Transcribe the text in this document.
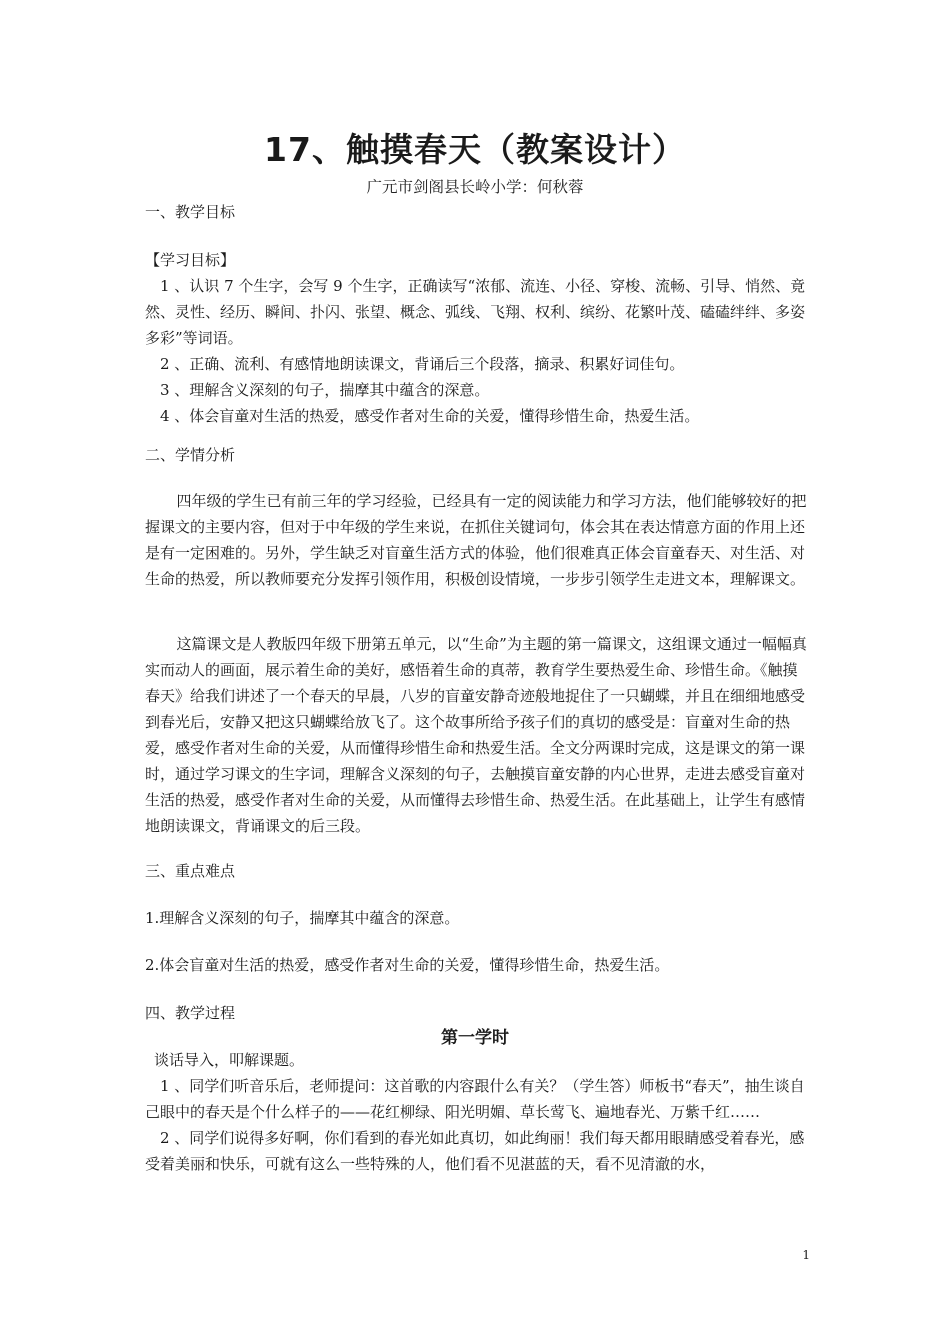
17、触摸春天（教案设计）
广元市剑阁县长岭小学：何秋蓉

一、教学目标

【学习目标】

1 、认识 7 个生字，会写 9 个生字，正确读写“浓郁、流连、小径、穿梭、流畅、引导、悄然、竟然、灵性、经历、瞬间、扑闪、张望、概念、弧线、飞翔、权利、缤纷、花繁叶茂、磕磕绊绊、多姿多彩”等词语。

2 、正确、流利、有感情地朗读课文，背诵后三个段落，摘录、积累好词佳句。

3 、理解含义深刻的句子，揣摩其中蕴含的深意。

4 、体会盲童对生活的热爱，感受作者对生命的关爱，懂得珍惜生命，热爱生活。

二、学情分析

四年级的学生已有前三年的学习经验，已经具有一定的阅读能力和学习方法，他们能够较好的把握课文的主要内容，但对于中年级的学生来说，在抓住关键词句，体会其在表达情意方面的作用上还是有一定困难的。另外，学生缺乏对盲童生活方式的体验，他们很难真正体会盲童春天、对生活、对生命的热爱，所以教师要充分发挥引领作用，积极创设情境，一步步引领学生走进文本，理解课文。

这篇课文是人教版四年级下册第五单元，以“生命”为主题的第一篇课文，这组课文通过一幅幅真实而动人的画面，展示着生命的美好，感悟着生命的真蒂，教育学生要热爱生命、珍惜生命。《触摸春天》给我们讲述了一个春天的早晨，八岁的盲童安静奇迹般地捉住了一只蝴蝶，并且在细细地感受到春光后，安静又把这只蝴蝶给放飞了。这个故事所给予孩子们的真切的感受是：盲童对生命的热爱，感受作者对生命的关爱，从而懂得珍惜生命和热爱生活。全文分两课时完成，这是课文的第一课时，通过学习课文的生字词，理解含义深刻的句子，去触摸盲童安静的内心世界，走进去感受盲童对生活的热爱，感受作者对生命的关爱，从而懂得去珍惜生命、热爱生活。在此基础上，让学生有感情地朗读课文，背诵课文的后三段。

三、重点难点

1.理解含义深刻的句子，揣摩其中蕴含的深意。

2.体会盲童对生活的热爱，感受作者对生命的关爱，懂得珍惜生命，热爱生活。

四、教学过程

第一学时

谈话导入，叩解课题。

1 、同学们听音乐后，老师提问：这首歌的内容跟什么有关？（学生答）师板书“春天”，抽生谈自己眼中的春天是个什么样子的——花红柳绿、阳光明媚、草长莺飞、遍地春光、万紫千红……

2 、同学们说得多好啊，你们看到的春光如此真切，如此绚丽！我们每天都用眼睛感受着春光，感受着美丽和快乐，可就有这么一些特殊的人，他们看不见湛蓝的天，看不见清澈的水，

1
